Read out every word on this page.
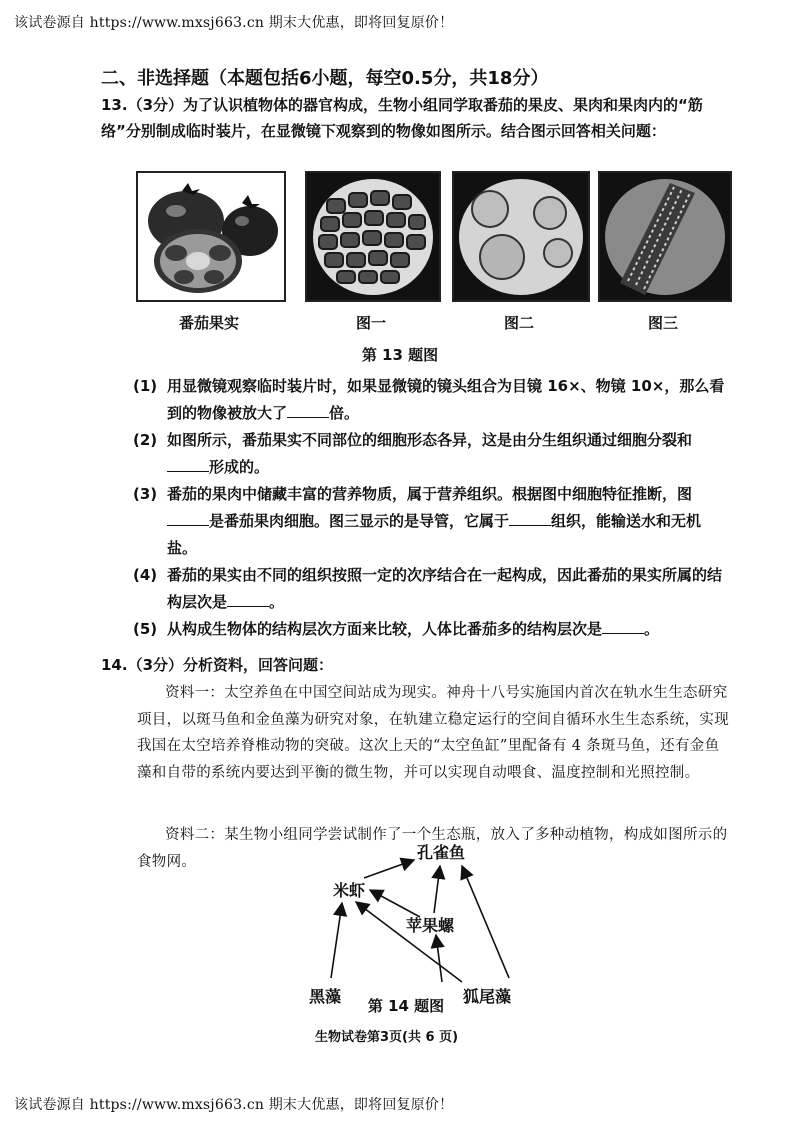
该试卷源自 https://www.mxsj663.cn 期末大优惠，即将回复原价！
二、非选择题（本题包括6小题，每空0.5分，共18分）
13.（3分）为了认识植物体的器官构成，生物小组同学取番茄的果皮、果肉和果肉内的“筋络”分别制成临时装片，在显微镜下观察到的物像如图所示。结合图示回答相关问题：
番茄果实	图一	图二	图三
第 13 题图
(1) 用显微镜观察临时装片时，如果显微镜的镜头组合为目镜 16×、物镜 10×，那么看到的物像被放大了	倍。
(2) 如图所示，番茄果实不同部位的细胞形态各异，这是由分生组织通过细胞分裂和形成的。
(3) 番茄的果肉中储藏丰富的营养物质，属于营养组织。根据图中细胞特征推断，图是番茄果肉细胞。图三显示的是导管，它属于	组织，能输送水和无机盐。
(4) 番茄的果实由不同的组织按照一定的次序结合在一起构成，因此番茄的果实所属的结构层次是	。
(5) 从构成生物体的结构层次方面来比较，人体比番茄多的结构层次是	。
14.（3分）分析资料，回答问题：
资料一：太空养鱼在中国空间站成为现实。神舟十八号实施国内首次在轨水生生态研究项目，以斑马鱼和金鱼藻为研究对象，在轨建立稳定运行的空间自循环水生生态系统，实现我国在太空培养脊椎动物的突破。这次上天的“太空鱼缸”里配备有 4 条斑马鱼，还有金鱼藻和自带的系统内要达到平衡的微生物，并可以实现自动喂食、温度控制和光照控制。
资料二：某生物小组同学尝试制作了一个生态瓶，放入了多种动植物，构成如图所示的食物网。	孔雀鱼
米虾
苹果螺
黑藻	狐尾藻
第 14 题图
生物试卷第3页(共 6 页)
该试卷源自 https://www.mxsj663.cn 期末大优惠，即将回复原价！
